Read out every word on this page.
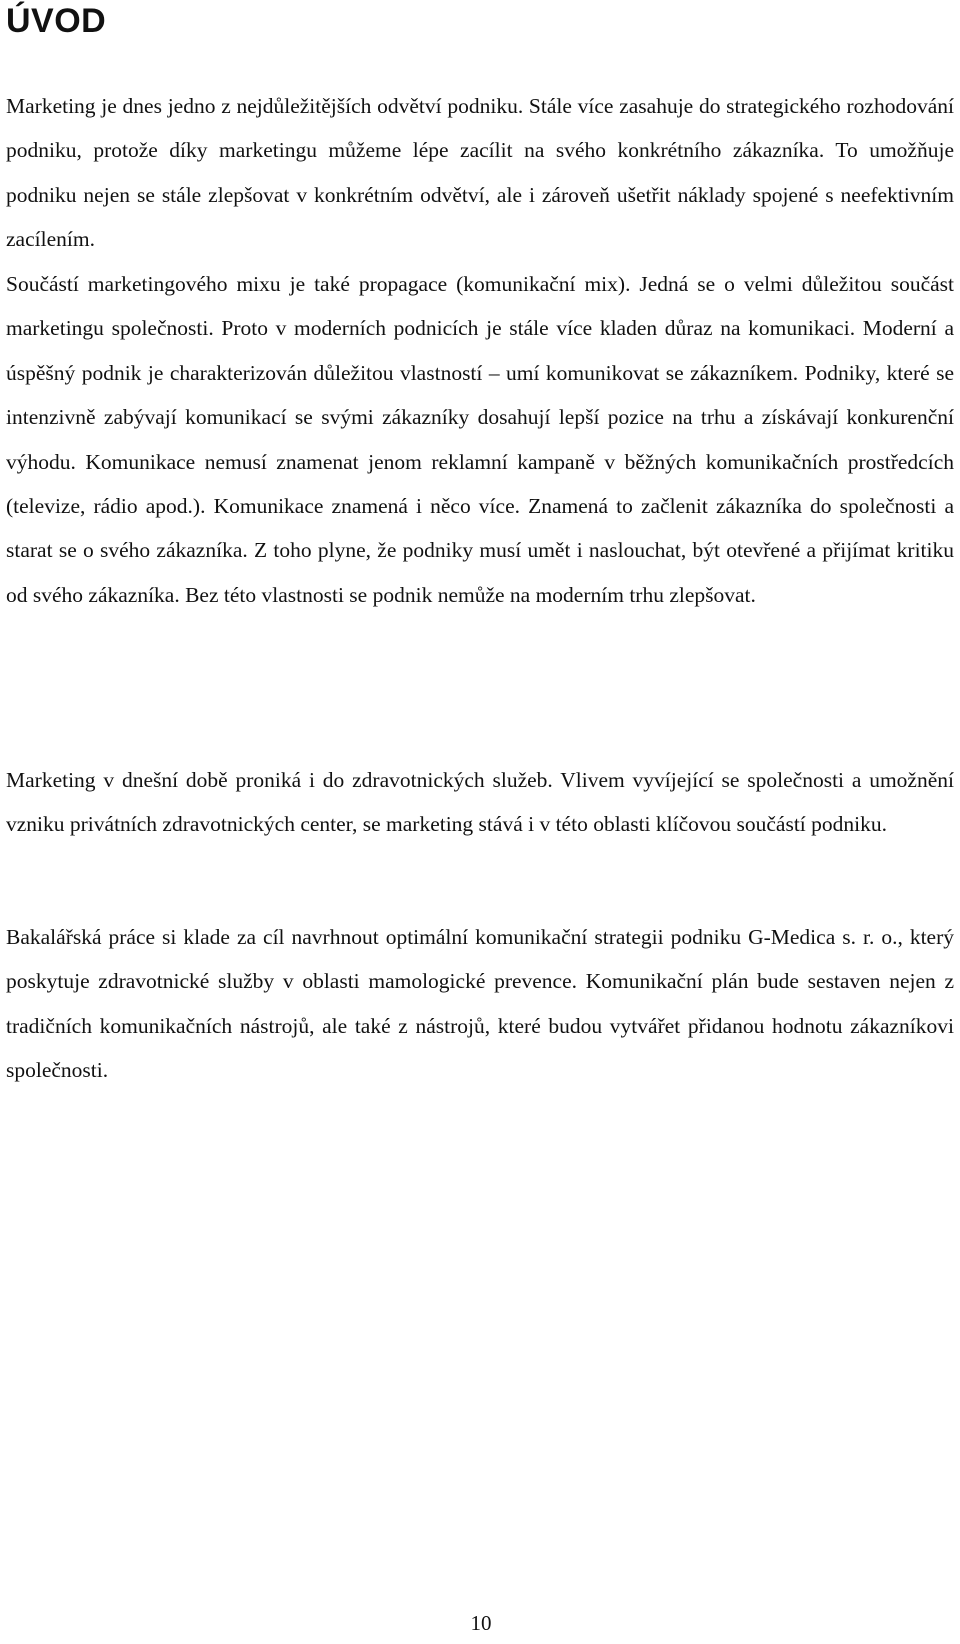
ÚVOD

Marketing je dnes jedno z nejdůležitějších odvětví podniku. Stále více zasahuje do strategického rozhodování podniku, protože díky marketingu můžeme lépe zacílit na svého konkrétního zákazníka. To umožňuje podniku nejen se stále zlepšovat v konkrétním odvětví, ale i zároveň ušetřit náklady spojené s neefektivním zacílením.

Součástí marketingového mixu je také propagace (komunikační mix). Jedná se o velmi důležitou součást marketingu společnosti. Proto v moderních podnicích je stále více kladen důraz na komunikaci. Moderní a úspěšný podnik je charakterizován důležitou vlastností – umí komunikovat se zákazníkem. Podniky, které se intenzivně zabývají komunikací se svými zákazníky dosahují lepší pozice na trhu a získávají konkurenční výhodu. Komunikace nemusí znamenat jenom reklamní kampaně v běžných komunikačních prostředcích (televize, rádio apod.). Komunikace znamená i něco více. Znamená to začlenit zákazníka do společnosti a starat se o svého zákazníka. Z toho plyne, že podniky musí umět i naslouchat, být otevřené a přijímat kritiku od svého zákazníka. Bez této vlastnosti se podnik nemůže na moderním trhu zlepšovat.

Marketing v dnešní době proniká i do zdravotnických služeb. Vlivem vyvíjející se společnosti a umožnění vzniku privátních zdravotnických center, se marketing stává i v této oblasti klíčovou součástí podniku.

Bakalářská práce si klade za cíl navrhnout optimální komunikační strategii podniku G-Medica s. r. o., který poskytuje zdravotnické služby v oblasti mamologické prevence. Komunikační plán bude sestaven nejen z tradičních komunikačních nástrojů, ale také z nástrojů, které budou vytvářet přidanou hodnotu zákazníkovi společnosti.

10
